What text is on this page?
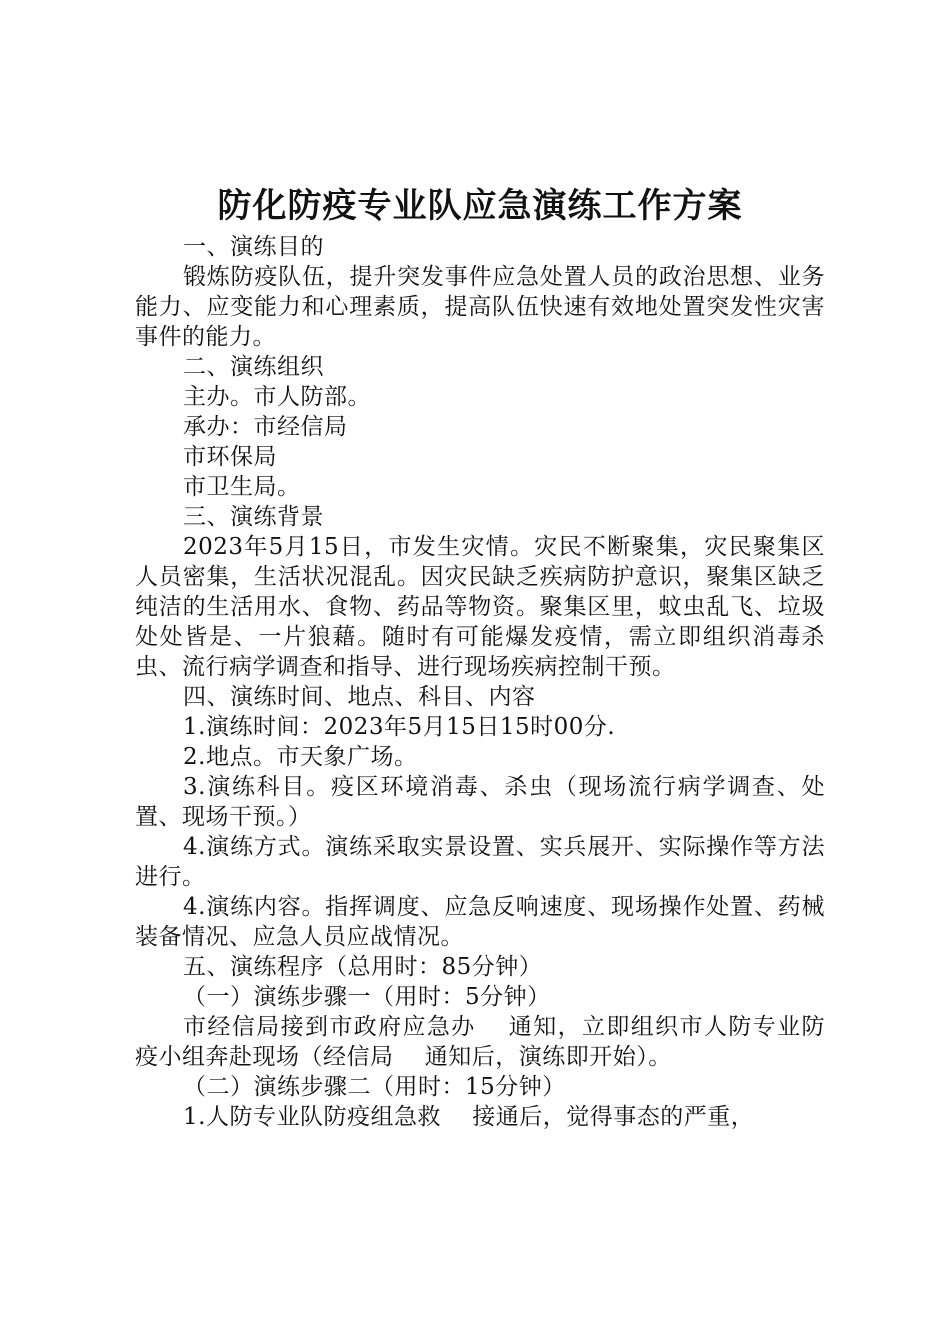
防化防疫专业队应急演练工作方案

一、演练目的

锻炼防疫队伍，提升突发事件应急处置人员的政治思想、业务能力、应变能力和心理素质，提高队伍快速有效地处置突发性灾害事件的能力。

二、演练组织

主办。市人防部。

承办：市经信局

市环保局

市卫生局。

三、演练背景

2023年5月15日，市发生灾情。灾民不断聚集，灾民聚集区人员密集，生活状况混乱。因灾民缺乏疾病防护意识，聚集区缺乏纯洁的生活用水、食物、药品等物资。聚集区里，蚊虫乱飞、垃圾处处皆是、一片狼藉。随时有可能爆发疫情，需立即组织消毒杀虫、流行病学调查和指导、进行现场疾病控制干预。

四、演练时间、地点、科目、内容

1.演练时间：2023年5月15日15时00分.

2.地点。市天象广场。

3.演练科目。疫区环境消毒、杀虫（现场流行病学调查、处置、现场干预。）

4.演练方式。演练采取实景设置、实兵展开、实际操作等方法进行。

4.演练内容。指挥调度、应急反响速度、现场操作处置、药械装备情况、应急人员应战情况。

五、演练程序（总用时：85分钟）

（一）演练步骤一（用时：5分钟）

市经信局接到市政府应急办　 通知，立即组织市人防专业防疫小组奔赴现场（经信局　 通知后，演练即开始）。

（二）演练步骤二（用时：15分钟）

1.人防专业队防疫组急救　 接通后，觉得事态的严重，
